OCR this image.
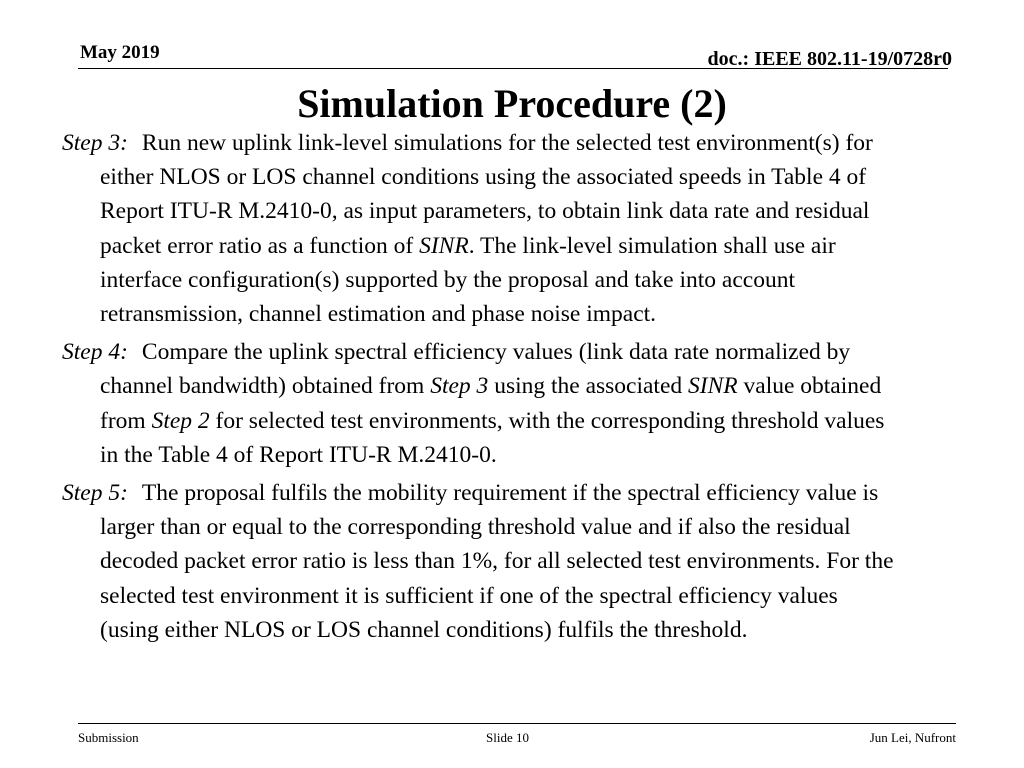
May 2019	doc.: IEEE 802.11-19/0728r0
Simulation Procedure (2)

Step 3: Run new uplink link-level simulations for the selected test environment(s) for either NLOS or LOS channel conditions using the associated speeds in Table 4 of Report ITU-R M.2410-0, as input parameters, to obtain link data rate and residual packet error ratio as a function of SINR. The link-level simulation shall use air interface configuration(s) supported by the proposal and take into account retransmission, channel estimation and phase noise impact.

Step 4: Compare the uplink spectral efficiency values (link data rate normalized by channel bandwidth) obtained from Step 3 using the associated SINR value obtained from Step 2 for selected test environments, with the corresponding threshold values in the Table 4 of Report ITU-R M.2410-0.

Step 5: The proposal fulfils the mobility requirement if the spectral efficiency value is larger than or equal to the corresponding threshold value and if also the residual decoded packet error ratio is less than 1%, for all selected test environments. For the selected test environment it is sufficient if one of the spectral efficiency values (using either NLOS or LOS channel conditions) fulfils the threshold.

Submission	Slide 10	Jun Lei, Nufront
